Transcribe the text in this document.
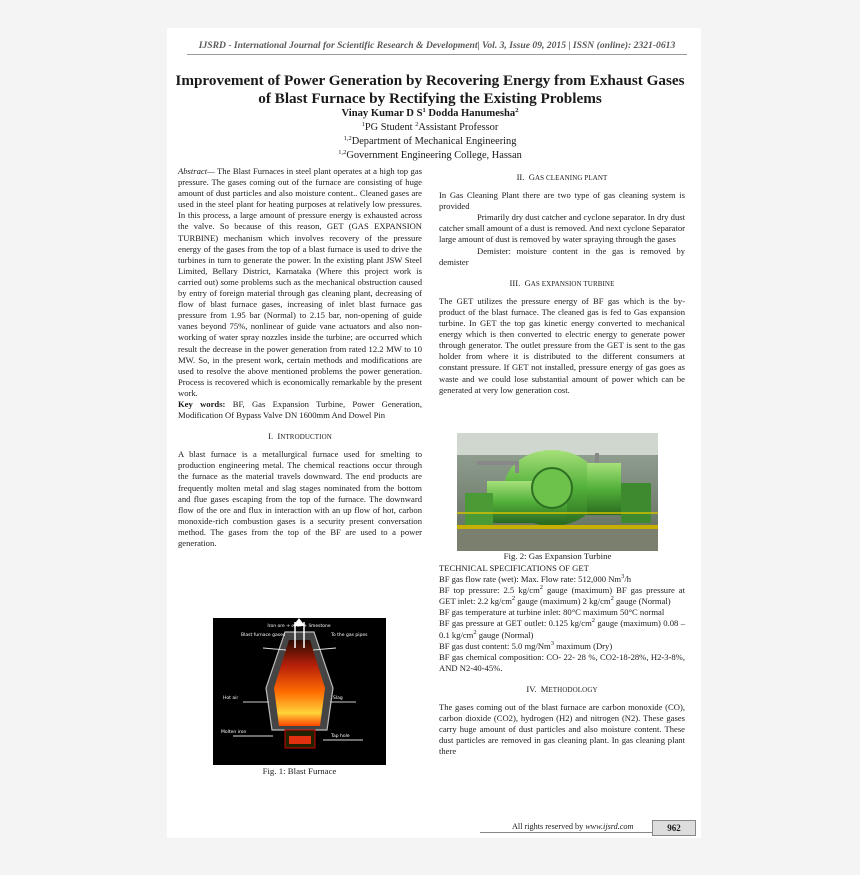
IJSRD - International Journal for Scientific Research & Development| Vol. 3, Issue 09, 2015 | ISSN (online): 2321-0613
Improvement of Power Generation by Recovering Energy from Exhaust Gases of Blast Furnace by Rectifying the Existing Problems
Vinay Kumar D $S^1$ Dodda Hanumesha$^2$
$^1$PG Student $^2$Assistant Professor
$^{1,2}$Department of Mechanical Engineering
$^{1,2}$Government Engineering College, Hassan

Abstract— The Blast Furnaces in steel plant operates at a high top gas pressure. The gases coming out of the furnace are consisting of huge amount of dust particles and also moisture content.. Cleaned gases are used in the steel plant for heating purposes at relatively low pressures. In this process, a large amount of pressure energy is exhausted across the valve. So because of this reason, GET (GAS EXPANSION TURBINE) mechanism which involves recovery of the pressure energy of the gases from the top of a blast furnace is used to drive the turbines in turn to generate the power. In the existing plant JSW Steel Limited, Bellary District, Karnataka (Where this project work is carried out) some problems such as the mechanical obstruction caused by entry of foreign material through gas cleaning plant, decreasing of flow of blast furnace gases, increasing of inlet blast furnace gas pressure from 1.95 bar (Normal) to 2.15 bar, non-opening of guide vanes beyond 75%, nonlinear of guide vane actuators and also non-working of water spray nozzles inside the turbine; are occurred which result the decrease in the power generation from rated 12.2 MW to 10 MW. So, in the present work, certain methods and modifications are used to resolve the above mentioned problems the power generation. Process is recovered which is economically remarkable by the present work.

Key words: BF, Gas Expansion Turbine, Power Generation, Modification Of Bypass Valve DN 1600mm And Dowel Pin

I. INTRODUCTION

A blast furnace is a metallurgical furnace used for smelting to production engineering metal. The chemical reactions occur through the furnace as the material travels downward. The end products are frequently molten metal and slag stages nominated from the bottom and flue gases escaping from the top of the furnace. The downward flow of the ore and flux in interaction with an up flow of hot, carbon monoxide-rich combustion gases is a security present conversation method. The gases from the top of the BF are used to a power generation.

Iron ore + coke + limestone
Blast furnace gases	To the gas pipes
Hot air	Slag
Molten iron
Tap hole
Fig. 1: Blast Furnace
II. GAS CLEANING PLANT

In Gas Cleaning Plant there are two type of gas cleaning system is provided

Primarily dry dust catcher and cyclone separator. In dry dust catcher small amount of a dust is removed. And next cyclone Separator large amount of dust is removed by water spraying through the gases

Demister: moisture content in the gas is removed by demister

III. GAS EXPANSION TURBINE

The GET utilizes the pressure energy of BF gas which is the by-product of the blast furnace. The cleaned gas is fed to Gas expansion turbine. In GET the top gas kinetic energy converted to mechanical energy which is then converted to electric energy to generate power through generator. The outlet pressure from the GET is sent to the gas holder from where it is distributed to the different consumers at constant pressure. If GET not installed, pressure energy of gas goes as waste and we could lose substantial amount of power which can be generated at very low generation cost.

Fig. 2: Gas Expansion Turbine

TECHNICAL SPECIFICATIONS OF GET

BF gas flow rate (wet): Max. Flow rate: 512,000 Nm$^3$/h

BF top pressure: 2.5 $kg/cm^2$ gauge (maximum) BF gas pressure at GET inlet: 2.2 $kg/cm^2$ gauge (maximum) 2 $kg/cm^2$ gauge (Normal)

BF gas temperature at turbine inlet: 80°C maximum 50°C normal

BF gas pressure at GET outlet: 0.125 $kg/cm^2$ gauge (maximum) 0.08 – 0.1 $kg/cm^2$ gauge (Normal)

BF gas dust content: 5.0 mg/Nm$^3$ maximum (Dry)

BF gas chemical composition: CO- 22- 28 %, CO2-18-28%, H2-3-8%, AND N2-40-45%.

IV. METHODOLOGY

The gases coming out of the blast furnace are carbon monoxide (CO), carbon dioxide (CO2), hydrogen (H2) and nitrogen (N2). These gases carry huge amount of dust particles and also moisture content. These dust particles are removed in gas cleaning plant. In gas cleaning plant there

All rights reserved by www.ijsrd.com	962
